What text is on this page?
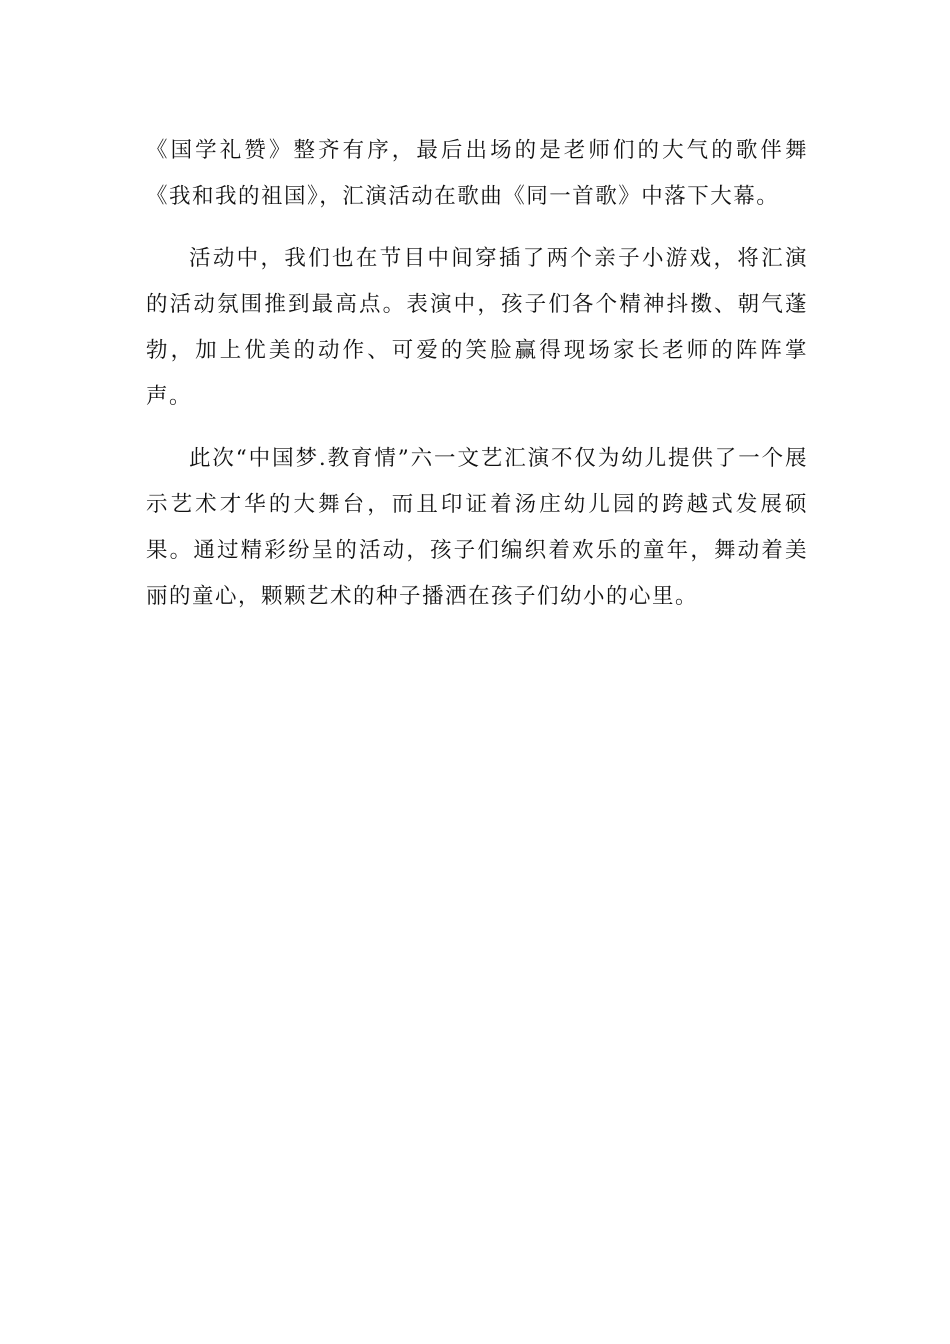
《国学礼赞》整齐有序，最后出场的是老师们的大气的歌伴舞《我和我的祖国》，汇演活动在歌曲《同一首歌》中落下大幕。

活动中，我们也在节目中间穿插了两个亲子小游戏，将汇演的活动氛围推到最高点。表演中，孩子们各个精神抖擞、朝气蓬勃，加上优美的动作、可爱的笑脸赢得现场家长老师的阵阵掌声。

此次“中国梦.教育情”六一文艺汇演不仅为幼儿提供了一个展示艺术才华的大舞台，而且印证着汤庄幼儿园的跨越式发展硕果。通过精彩纷呈的活动，孩子们编织着欢乐的童年，舞动着美丽的童心，颗颗艺术的种子播洒在孩子们幼小的心里。
